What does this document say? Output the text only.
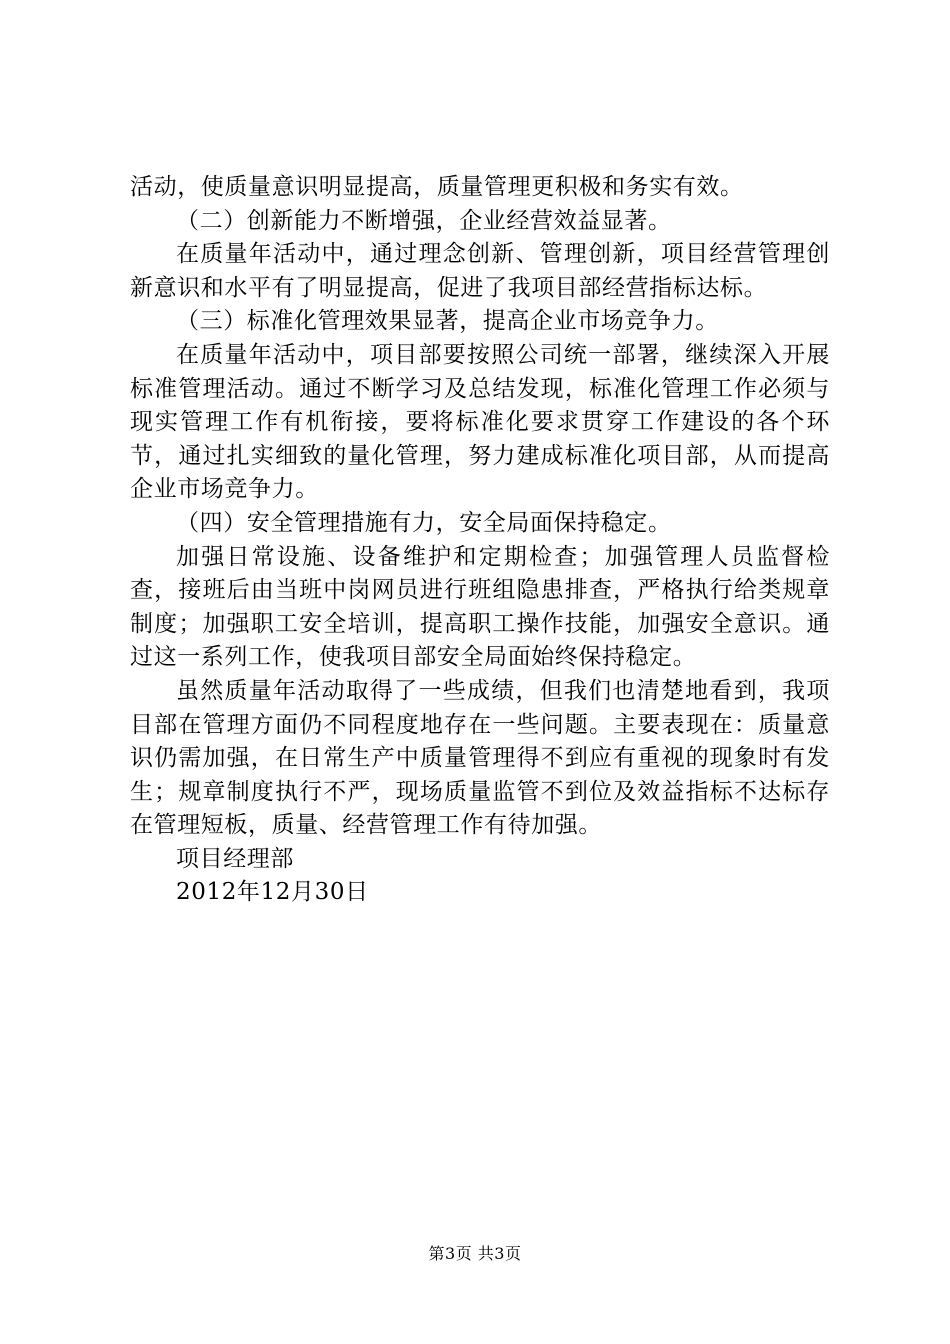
活动，使质量意识明显提高，质量管理更积极和务实有效。

（二）创新能力不断增强，企业经营效益显著。

在质量年活动中，通过理念创新、管理创新，项目经营管理创新意识和水平有了明显提高，促进了我项目部经营指标达标。

（三）标准化管理效果显著，提高企业市场竞争力。

在质量年活动中，项目部要按照公司统一部署，继续深入开展标准管理活动。通过不断学习及总结发现，标准化管理工作必须与现实管理工作有机衔接，要将标准化要求贯穿工作建设的各个环节，通过扎实细致的量化管理，努力建成标准化项目部，从而提高企业市场竞争力。

（四）安全管理措施有力，安全局面保持稳定。

加强日常设施、设备维护和定期检查；加强管理人员监督检查，接班后由当班中岗网员进行班组隐患排查，严格执行给类规章制度；加强职工安全培训，提高职工操作技能，加强安全意识。通过这一系列工作，使我项目部安全局面始终保持稳定。

虽然质量年活动取得了一些成绩，但我们也清楚地看到，我项目部在管理方面仍不同程度地存在一些问题。主要表现在：质量意识仍需加强，在日常生产中质量管理得不到应有重视的现象时有发生；规章制度执行不严，现场质量监管不到位及效益指标不达标存在管理短板，质量、经营管理工作有待加强。

项目经理部

2012年12月30日

第3页 共3页
